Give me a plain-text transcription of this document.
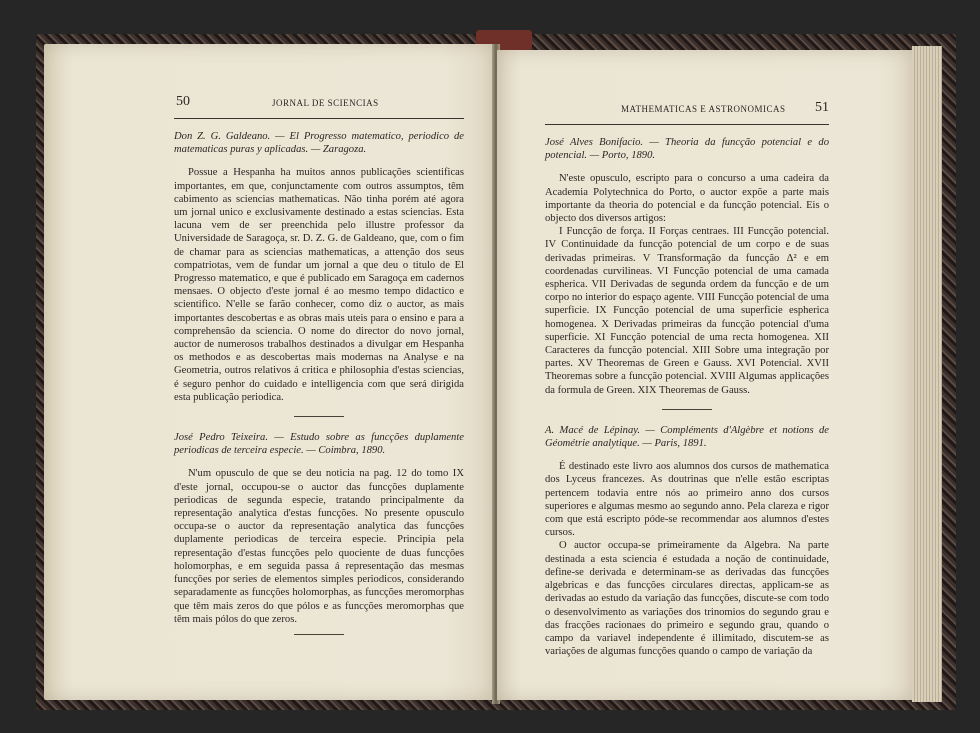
50	JORNAL DE SCIENCIAS

Don Z. G. Galdeano. — El Progresso matematico, periodico de matematicas puras y aplicadas. — Zaragoza.

Possue a Hespanha ha muitos annos publicações scientificas importantes, em que, conjunctamente com outros assumptos, têm cabimento as sciencias mathematicas. Não tinha porém até agora um jornal unico e exclusivamente destinado a estas sciencias. Esta lacuna vem de ser preenchida pelo illustre professor da Universidade de Saragoça, sr. D. Z. G. de Galdeano, que, com o fim de chamar para as sciencias mathematicas, a attenção dos seus compatriotas, vem de fundar um jornal a que deu o titulo de El Progresso matematico, e que é publicado em Saragoça em cadernos mensaes. O objecto d'este jornal é ao mesmo tempo didactico e scientifico. N'elle se farão conhecer, como diz o auctor, as mais importantes descobertas e as obras mais uteis para o ensino e para a comprehensão da sciencia. O nome do director do novo jornal, auctor de numerosos trabalhos destinados a divulgar em Hespanha os methodos e as descobertas mais modernas na Analyse e na Geometria, outros relativos á critica e philosophia d'estas sciencias, é seguro penhor do cuidado e intelligencia com que será dirigida esta publicação periodica.

José Pedro Teixeira. — Estudo sobre as funcções duplamente periodicas de terceira especie. — Coimbra, 1890.

N'um opusculo de que se deu noticia na pag. 12 do tomo IX d'este jornal, occupou-se o auctor das funcções duplamente periodicas de segunda especie, tratando principalmente da representação analytica d'estas funcções. No presente opusculo occupa-se o auctor da representação analytica das funcções duplamente periodicas de terceira especie. Principia pela representação d'estas funcções pelo quociente de duas funcções holomorphas, e em seguida passa á representação das mesmas funcções por series de elementos simples periodicos, considerando separadamente as funcções holomorphas, as funcções meromorphas que têm mais zeros do que pólos e as funcções meromorphas que têm mais pólos do que zeros.

MATHEMATICAS E ASTRONOMICAS 51

José Alves Bonifacio. — Theoria da funcção potencial e do potencial. — Porto, 1890.

N'este opusculo, escripto para o concurso a uma cadeira da Academia Polytechnica do Porto, o auctor expõe a parte mais importante da theoria do potencial e da funcção potencial. Eis o objecto dos diversos artigos:

I Funcção de força. II Forças centraes. III Funcção potencial. IV Continuidade da funcção potencial de um corpo e de suas derivadas primeiras. V Transformação da funcção Δ² e em coordenadas curvilineas. VI Funcção potencial de uma camada espherica. VII Derivadas de segunda ordem da funcção e de um corpo no interior do espaço agente. VIII Funcção potencial de uma superficie. IX Funcção potencial de uma superficie espherica homogenea. X Derivadas primeiras da funcção potencial d'uma superficie. XI Funcção potencial de uma recta homogenea. XII Caracteres da funcção potencial. XIII Sobre uma integração por partes. XV Theoremas de Green e Gauss. XVI Potencial. XVII Theoremas sobre a funcção potencial. XVIII Algumas applicações da formula de Green. XIX Theoremas de Gauss.

A. Macé de Lépinay. — Compléments d'Algèbre et notions de Géométrie analytique. — Paris, 1891.

É destinado este livro aos alumnos dos cursos de mathematica dos Lyceus francezes. As doutrinas que n'elle estão escriptas pertencem todavia entre nós ao primeiro anno dos cursos superiores e algumas mesmo ao segundo anno. Pela clareza e rigor com que está escripto póde-se recommendar aos alumnos d'estes cursos.

O auctor occupa-se primeiramente da Algebra. Na parte destinada a esta sciencia é estudada a noção de continuidade, define-se derivada e determinam-se as derivadas das funcções algebricas e das funcções circulares directas, applicam-se as derivadas ao estudo da variação das funcções, discute-se com todo o desenvolvimento as variações dos trinomios do segundo grau e das fracções racionaes do primeiro e segundo grau, quando o campo da variavel independente é illimitado, discutem-se as variações de algumas funcções quando o campo de variação da
